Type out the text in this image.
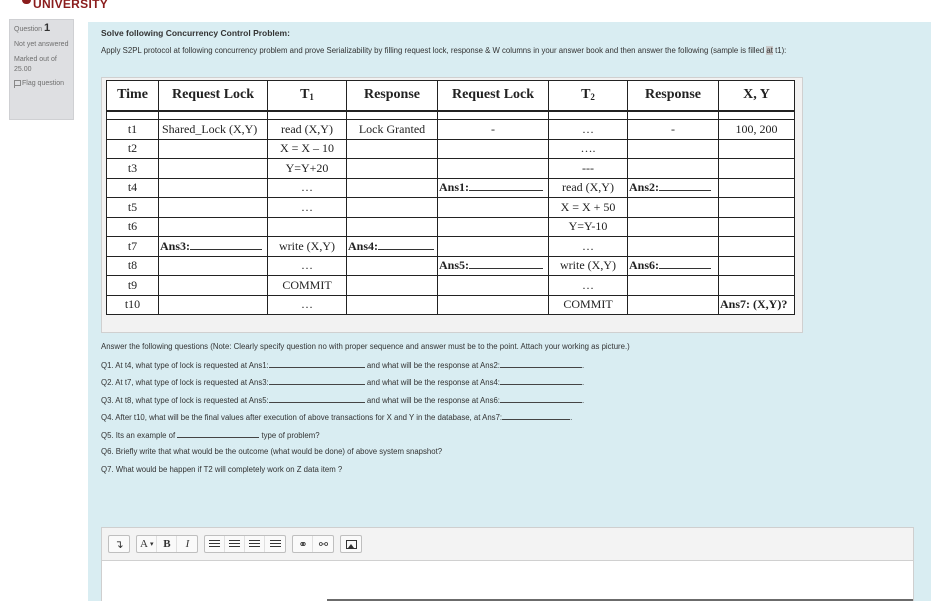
UNIVERSITY
Question 1
Not yet answered
Marked out of 25.00
Flag question
Solve following Concurrency Control Problem:
Apply S2PL protocol at following concurrency problem and prove Serializability by filling request lock, response & W columns in your answer book and then answer the following (sample is filled at t1):
Time	Request Lock	$T_1$	Response	Request Lock	$T_2$	Response	X, Y

t1	Shared_Lock (X,Y)	read (X,Y)	Lock Granted	-	…	-	100, 200
t2		X = X – 10			….		
t3		Y=Y+20			---		
t4		…		Ans1:	read (X,Y)	Ans2:	
t5		…			X = X + 50		
t6					Y=Y-10		
t7	Ans3:	write (X,Y)	Ans4:		…		
t8		…		Ans5:	write (X,Y)	Ans6:	
t9		COMMIT			…		
t10		…			COMMIT		Ans7: (X,Y)?
Answer the following questions (Note: Clearly specify question no with proper sequence and answer must be to the point. Attach your working as picture.)
Q1. At t4, what type of lock is requested at Ans1:	and what will be the response at Ans2:	.
Q2. At t7, what type of lock is requested at Ans3:	and what will be the response at Ans4:	.
Q3. At t8, what type of lock is requested at Ans5:	and what will be the response at Ans6:	.
Q4. After t10, what will be the final values after execution of above transactions for X and Y in the database, at Ans7:	.
Q5. Its an example of	type of problem?
Q6. Briefly write that what would be the outcome (what would be done) of above system snapshot?
Q7. What would be happen if T2 will completely work on Z data item ?
↴	A ▾ B	I	⚭	⚯
